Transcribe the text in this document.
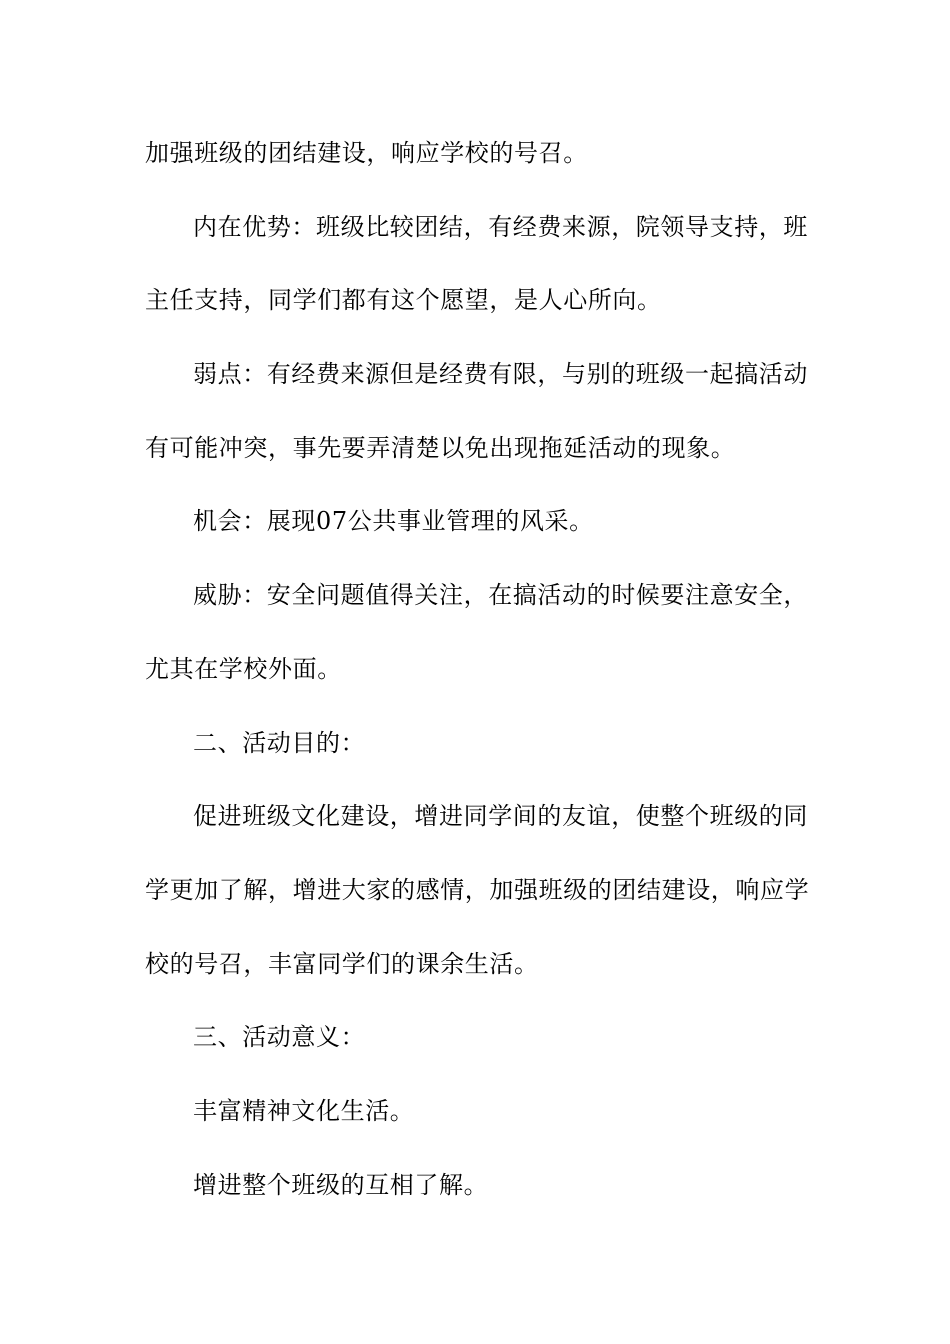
加强班级的团结建设，响应学校的号召。
内在优势：班级比较团结，有经费来源，院领导支持，班
主任支持，同学们都有这个愿望，是人心所向。
弱点：有经费来源但是经费有限，与别的班级一起搞活动
有可能冲突，事先要弄清楚以免出现拖延活动的现象。
机会：展现07公共事业管理的风采。
威胁：安全问题值得关注，在搞活动的时候要注意安全，
尤其在学校外面。
二、活动目的：
促进班级文化建设，增进同学间的友谊，使整个班级的同
学更加了解，增进大家的感情，加强班级的团结建设，响应学
校的号召，丰富同学们的课余生活。
三、活动意义：
丰富精神文化生活。
增进整个班级的互相了解。
